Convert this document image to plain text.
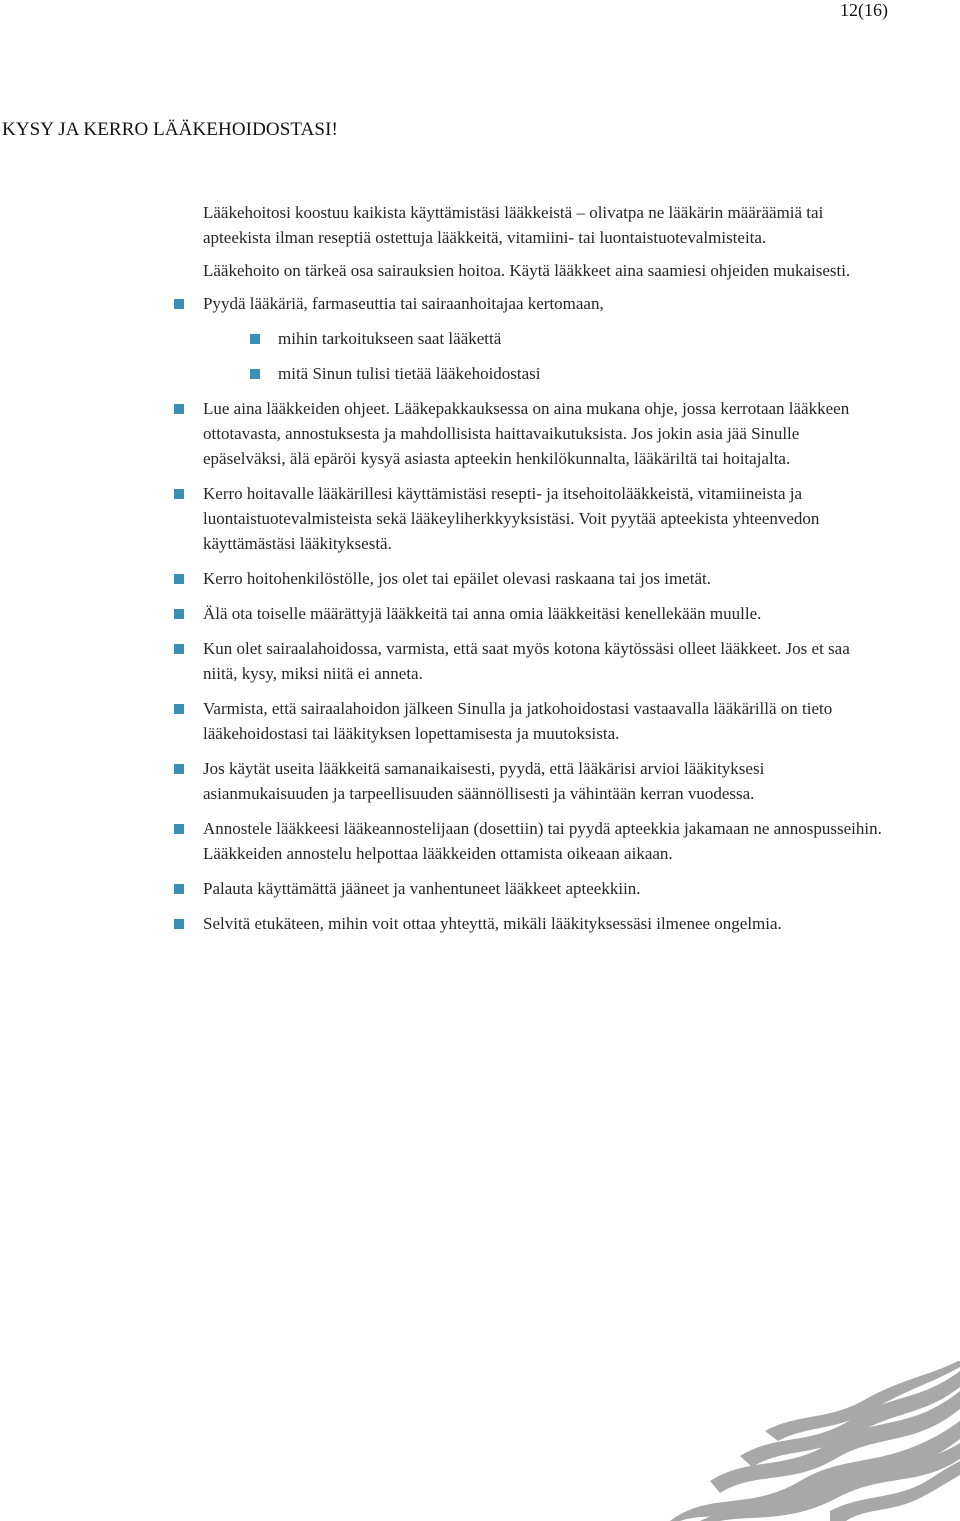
12(16)
KYSY JA KERRO LÄÄKEHOIDOSTASI!

Lääkehoitosi koostuu kaikista käyttämistäsi lääkkeistä – olivatpa ne lääkärin määräämiä tai apteekista ilman reseptiä ostettuja lääkkeitä, vitamiini- tai luontaistuotevalmisteita.

Lääkehoito on tärkeä osa sairauksien hoitoa. Käytä lääkkeet aina saamiesi ohjeiden mukaisesti.

Pyydä lääkäriä, farmaseuttia tai sairaanhoitajaa kertomaan,
mihin tarkoitukseen saat lääkettä
mitä Sinun tulisi tietää lääkehoidostasi
Lue aina lääkkeiden ohjeet. Lääkepakkauksessa on aina mukana ohje, jossa kerrotaan lääkkeen ottotavasta, annostuksesta ja mahdollisista haittavaikutuksista. Jos jokin asia jää Sinulle epäselväksi, älä epäröi kysyä asiasta apteekin henkilökunnalta, lääkäriltä tai hoitajalta.
Kerro hoitavalle lääkärillesi käyttämistäsi resepti- ja itsehoitolääkkeistä, vitamiineista ja luontaistuotevalmisteista sekä lääkeyliherkkyyksistäsi. Voit pyytää apteekista yhteenvedon käyttämästäsi lääkityksestä.
Kerro hoitohenkilöstölle, jos olet tai epäilet olevasi raskaana tai jos imetät.
Älä ota toiselle määrättyjä lääkkeitä tai anna omia lääkkeitäsi kenellekään muulle.
Kun olet sairaalahoidossa, varmista, että saat myös kotona käytössäsi olleet lääkkeet. Jos et saa niitä, kysy, miksi niitä ei anneta.
Varmista, että sairaalahoidon jälkeen Sinulla ja jatkohoidostasi vastaavalla lääkärillä on tieto lääkehoidostasi tai lääkityksen lopettamisesta ja muutoksista.
Jos käytät useita lääkkeitä samanaikaisesti, pyydä, että lääkärisi arvioi lääkityksesi asianmukaisuuden ja tarpeellisuuden säännöllisesti ja vähintään kerran vuodessa.
Annostele lääkkeesi lääkeannostelijaan (dosettiin) tai pyydä apteekkia jakamaan ne annospusseihin. Lääkkeiden annostelu helpottaa lääkkeiden ottamista oikeaan aikaan.
Palauta käyttämättä jääneet ja vanhentuneet lääkkeet apteekkiin.
Selvitä etukäteen, mihin voit ottaa yhteyttä, mikäli lääkityksessäsi ilmenee ongelmia.
